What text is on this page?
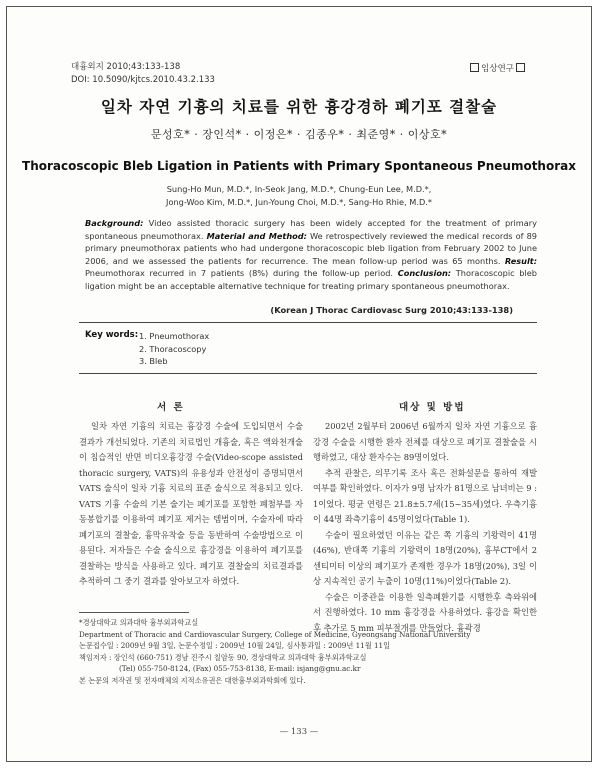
대흉외지 2010;43:133-138
DOI: 10.5090/kjtcs.2010.43.2.133
임상연구
일차 자연 기흉의 치료를 위한 흉강경하 폐기포 결찰술
문성호* · 장인석* · 이정은* · 김종우* · 최준영* · 이상호*
Thoracoscopic Bleb Ligation in Patients with Primary Spontaneous Pneumothorax
Sung-Ho Mun, M.D.*, In-Seok Jang, M.D.*, Chung-Eun Lee, M.D.*,
Jong-Woo Kim, M.D.*, Jun-Young Choi, M.D.*, Sang-Ho Rhie, M.D.*
Background: Video assisted thoracic surgery has been widely accepted for the treatment of primary spontaneous pneumothorax. Material and Method: We retrospectively reviewed the medical records of 89 primary pneumothorax patients who had undergone thoracoscopic bleb ligation from February 2002 to June 2006, and we assessed the patients for recurrence. The mean follow-up period was 65 months. Result: Pneumothorax recurred in 7 patients (8%) during the follow-up period. Conclusion: Thoracoscopic bleb ligation might be an acceptable alternative technique for treating primary spontaneous pneumothorax.
(Korean J Thorac Cardiovasc Surg 2010;43:133-138)
Key words: 1. Pneumothorax
2. Thoracoscopy
3. Bleb
서 론	대상 및 방법

일차 자연 기흉의 치료는 흉강경 수술에 도입되면서 수술 결과가 개선되었다. 기존의 치료법인 개흉술, 혹은 액와천개술이 침습적인 반면 비디오흉강경 수술(Video-scope assisted thoracic surgery, VATS)의 유용성과 안전성이 증명되면서 VATS 술식이 일차 기흉 치료의 표준 술식으로 적용되고 있다. VATS 기흉 수술의 기본 술기는 폐기포를 포함한 폐첨부를 자동봉합기를 이용하여 폐기포 제거는 템범이며, 수술자에 따라 폐기포의 결찰술, 흉막유착술 등을 동반하여 수술방법으로 이용된다. 저자들은 수술 술식으로 흉강경을 이용하여 폐기포를 결찰하는 방식을 사용하고 있다. 폐기포 결찰술의 치료결과를 추적하여 그 중기 결과를 알아보고자 하였다.

2002년 2월부터 2006년 6월까지 일차 자연 기흉으로 흉강경 수술을 시행한 환자 전체를 대상으로 폐기포 결찰술을 시행하였고, 대상 환자수는 89명이었다.

추적 관찰은, 의무기록 조사 혹은 전화설문을 통하여 재발여부를 확인하였다. 이자가 9명 남자가 81명으로 남녀비는 9 : 1이었다. 평균 연령은 21.8±5.7세(15~35세)였다. 우측기흉이 44명 좌측기흉이 45명이었다(Table 1).

수술이 필요하였던 이유는 같은 쪽 기흉의 기왕력이 41명(46%), 반대쪽 기흉의 기왕력이 18명(20%), 흉부CT에서 2센티미터 이상의 폐기포가 존재한 경우가 18명(20%), 3일 이상 지속적인 공기 누출이 10명(11%)이었다(Table 2).

수술은 이중관을 이용한 일측폐환기를 시행한후 측와위에서 진행하였다. 10 mm 흉강경을 사용하였다. 흉강을 확인한 후 추가로 5 mm 피부절개를 만들었다. 흉곽경

*경상대학교 의과대학 흉부외과학교실
Department of Thoracic and Cardiovascular Surgery, College of Medicine, Gyeongsang National University
논문접수일 : 2009년 9월 3일, 논문수정일 : 2009년 10월 24일, 심사통과일 : 2009년 11월 11일
책임저자 : 장인석 (660-751) 경남 진주시 칠암동 90, 경상대학교 의과대학 흉부외과학교실
(Tel) 055-750-8124, (Fax) 055-753-8138, E-mail: isjang@gnu.ac.kr
본 논문의 저작권 및 전자매체의 지적소유권은 대한흉부외과학회에 있다.
— 133 —
